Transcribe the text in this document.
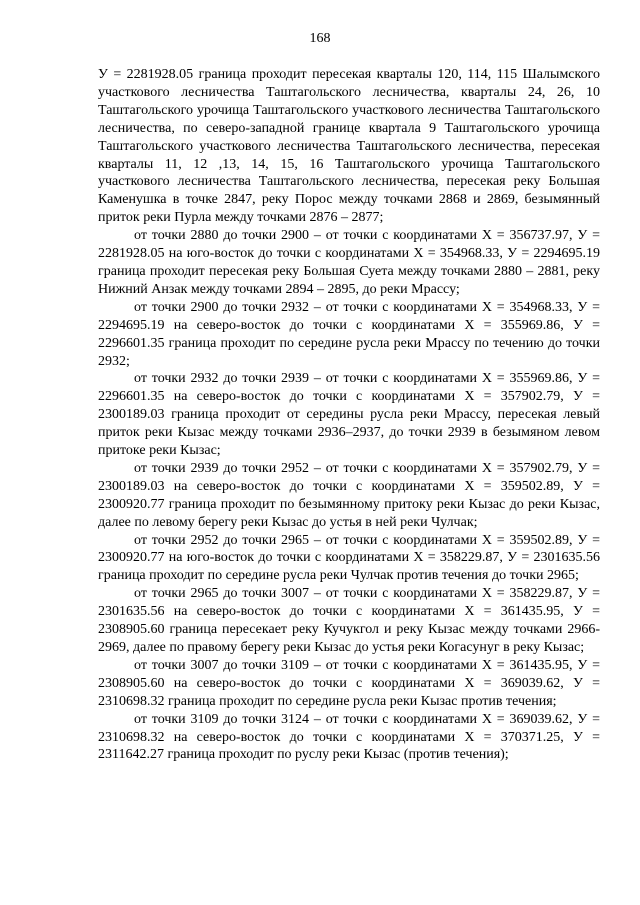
168

У = 2281928.05 граница проходит пересекая кварталы 120, 114, 115 Шалымского участкового лесничества Таштагольского лесничества, кварталы 24, 26, 10 Таштагольского урочища Таштагольского участкового лесничества Таштагольского лесничества, по северо-западной границе квартала 9 Таштагольского урочища Таштагольского участкового лесничества Таштагольского лесничества, пересекая кварталы 11, 12 ,13, 14, 15, 16 Таштагольского урочища Таштагольского участкового лесничества Таштагольского лесничества, пересекая реку Большая Каменушка в точке 2847, реку Порос между точками 2868 и 2869, безымянный приток реки Пурла между точками 2876 – 2877;

от точки 2880 до точки 2900 – от точки с координатами Х = 356737.97, У = 2281928.05 на юго-восток до точки с координатами Х = 354968.33, У = 2294695.19 граница проходит пересекая реку Большая Суета между точками 2880 – 2881, реку Нижний Анзак между точками 2894 – 2895, до реки Мрассу;

от точки 2900 до точки 2932 – от точки с координатами Х = 354968.33, У = 2294695.19 на северо-восток до точки с координатами Х = 355969.86, У = 2296601.35 граница проходит по середине русла реки Мрассу по течению до точки 2932;

от точки 2932 до точки 2939 – от точки с координатами Х = 355969.86, У = 2296601.35 на северо-восток до точки с координатами Х = 357902.79, У = 2300189.03 граница проходит от середины русла реки Мрассу, пересекая левый приток реки Кызас между точками 2936–2937, до точки 2939 в безымяном левом притоке реки Кызас;

от точки 2939 до точки 2952 – от точки с координатами Х = 357902.79, У = 2300189.03 на северо-восток до точки с координатами Х = 359502.89, У = 2300920.77 граница проходит по безымянному притоку реки Кызас до реки Кызас, далее по левому берегу реки Кызас до устья в ней реки Чулчак;

от точки 2952 до точки 2965 – от точки с координатами Х = 359502.89, У = 2300920.77 на юго-восток до точки с координатами Х = 358229.87, У = 2301635.56 граница проходит по середине русла реки Чулчак против течения до точки 2965;

от точки 2965 до точки 3007 – от точки с координатами Х = 358229.87, У = 2301635.56 на северо-восток до точки с координатами Х = 361435.95, У = 2308905.60 граница пересекает реку Кучукгол и реку Кызас между точками 2966-2969, далее по правому берегу реки Кызас до устья реки Когасунуг в реку Кызас;

от точки 3007 до точки 3109 – от точки с координатами Х = 361435.95, У = 2308905.60 на северо-восток до точки с координатами Х = 369039.62, У = 2310698.32 граница проходит по середине русла реки Кызас против течения;

от точки 3109 до точки 3124 – от точки с координатами Х = 369039.62, У = 2310698.32 на северо-восток до точки с координатами Х = 370371.25, У = 2311642.27 граница проходит по руслу реки Кызас (против течения);
